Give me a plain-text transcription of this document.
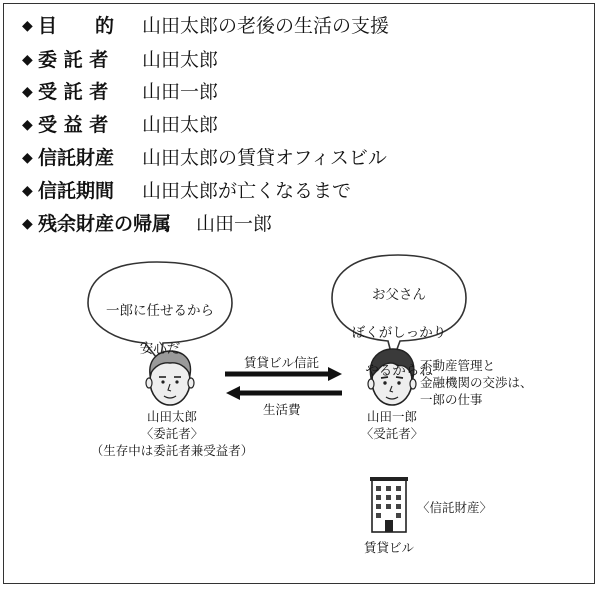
◆ 目　　的 山田太郎の老後の生活の支援
◆ 委 託 者 山田太郎
◆ 受 託 者 山田一郎
◆ 受 益 者 山田太郎
◆ 信託財産 山田太郎の賃貸オフィスビル
◆ 信託期間 山田太郎が亡くなるまで
◆ 残余財産の帰属 山田一郎

一郎に任せるから

安心だ

お父さん

ぼくがしっかり

やるからね

賃貸ビル信託
生活費
山田太郎
〈委託者〉
（生存中は委託者兼受益者）
山田一郎
〈受託者〉
不動産管理と
金融機関の交渉は、
一郎の仕事
〈信託財産〉
賃貸ビル
